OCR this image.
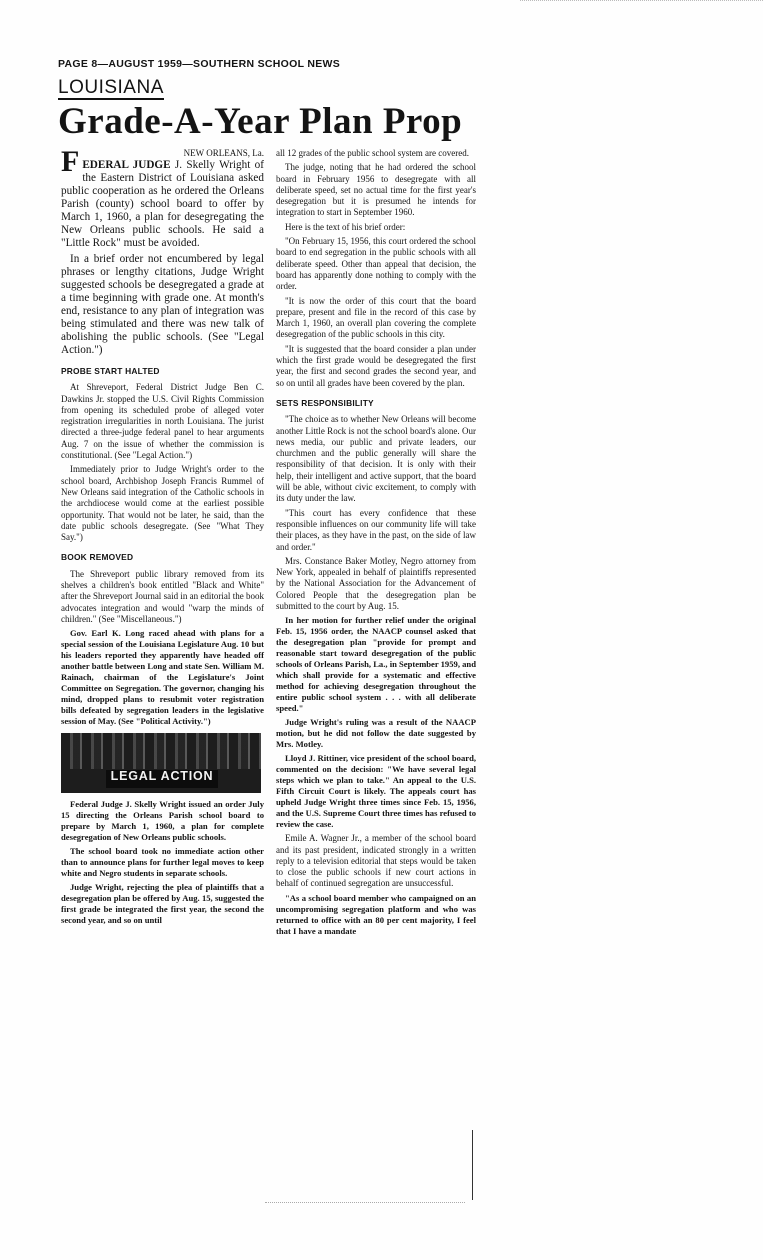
PAGE 8—AUGUST 1959—SOUTHERN SCHOOL NEWS
LOUISIANA
Grade-A-Year Plan Prop

F	NEW ORLEANS, La.
EDERAL JUDGE J. Skelly Wright of the Eastern District of Louisiana asked public cooperation as he ordered the Orleans Parish (county) school board to offer by March 1, 1960, a plan for desegregating the New Orleans public schools. He said a "Little Rock" must be avoided.

In a brief order not encumbered by legal phrases or lengthy citations, Judge Wright suggested schools be desegregated a grade at a time beginning with grade one. At month's end, resistance to any plan of integration was being stimulated and there was new talk of abolishing the public schools. (See "Legal Action.")

PROBE START HALTED

At Shreveport, Federal District Judge Ben C. Dawkins Jr. stopped the U.S. Civil Rights Commission from opening its scheduled probe of alleged voter registration irregularities in north Louisiana. The jurist directed a three-judge federal panel to hear arguments Aug. 7 on the issue of whether the commission is constitutional. (See "Legal Action.")

Immediately prior to Judge Wright's order to the school board, Archbishop Joseph Francis Rummel of New Orleans said integration of the Catholic schools in the archdiocese would come at the earliest possible opportunity. That would not be later, he said, than the date public schools desegregate. (See "What They Say.")

BOOK REMOVED

The Shreveport public library removed from its shelves a children's book entitled "Black and White" after the Shreveport Journal said in an editorial the book advocates integration and would "warp the minds of children." (See "Miscellaneous.")

Gov. Earl K. Long raced ahead with plans for a special session of the Louisiana Legislature Aug. 10 but his leaders reported they apparently have headed off another battle between Long and state Sen. William M. Rainach, chairman of the Legislature's Joint Committee on Segregation. The governor, changing his mind, dropped plans to resubmit voter registration bills defeated by segregation leaders in the legislative session of May. (See "Political Activity.")

LEGAL ACTION

Federal Judge J. Skelly Wright issued an order July 15 directing the Orleans Parish school board to prepare by March 1, 1960, a plan for complete desegregation of New Orleans public schools.

The school board took no immediate action other than to announce plans for further legal moves to keep white and Negro students in separate schools.

Judge Wright, rejecting the plea of plaintiffs that a desegregation plan be offered by Aug. 15, suggested the first grade be integrated the first year, the second the second year, and so on until

all 12 grades of the public school system are covered.

The judge, noting that he had ordered the school board in February 1956 to desegregate with all deliberate speed, set no actual time for the first year's desegregation but it is presumed he intends for integration to start in September 1960.

Here is the text of his brief order:

"On February 15, 1956, this court ordered the school board to end segregation in the public schools with all deliberate speed. Other than appeal that decision, the board has apparently done nothing to comply with the order.

"It is now the order of this court that the board prepare, present and file in the record of this case by March 1, 1960, an overall plan covering the complete desegregation of the public schools in this city.

"It is suggested that the board consider a plan under which the first grade would be desegregated the first year, the first and second grades the second year, and so on until all grades have been covered by the plan.

SETS RESPONSIBILITY

"The choice as to whether New Orleans will become another Little Rock is not the school board's alone. Our news media, our public and private leaders, our churchmen and the public generally will share the responsibility of that decision. It is only with their help, their intelligent and active support, that the board will be able, without civic excitement, to comply with its duty under the law.

"This court has every confidence that these responsible influences on our community life will take their places, as they have in the past, on the side of law and order."

Mrs. Constance Baker Motley, Negro attorney from New York, appealed in behalf of plaintiffs represented by the National Association for the Advancement of Colored People that the desegregation plan be submitted to the court by Aug. 15.

In her motion for further relief under the original Feb. 15, 1956 order, the NAACP counsel asked that the desegregation plan "provide for prompt and reasonable start toward desegregation of the public schools of Orleans Parish, La., in September 1959, and which shall provide for a systematic and effective method for achieving desegregation throughout the entire public school system . . . with all deliberate speed."

Judge Wright's ruling was a result of the NAACP motion, but he did not follow the date suggested by Mrs. Motley.

Lloyd J. Rittiner, vice president of the school board, commented on the decision: "We have several legal steps which we plan to take." An appeal to the U.S. Fifth Circuit Court is likely. The appeals court has upheld Judge Wright three times since Feb. 15, 1956, and the U.S. Supreme Court three times has refused to review the case.

Emile A. Wagner Jr., a member of the school board and its past president, indicated strongly in a written reply to a television editorial that steps would be taken to close the public schools if new court actions in behalf of continued segregation are unsuccessful.

"As a school board member who campaigned on an uncompromising segregation platform and who was returned to office with an 80 per cent majority, I feel that I have a mandate
